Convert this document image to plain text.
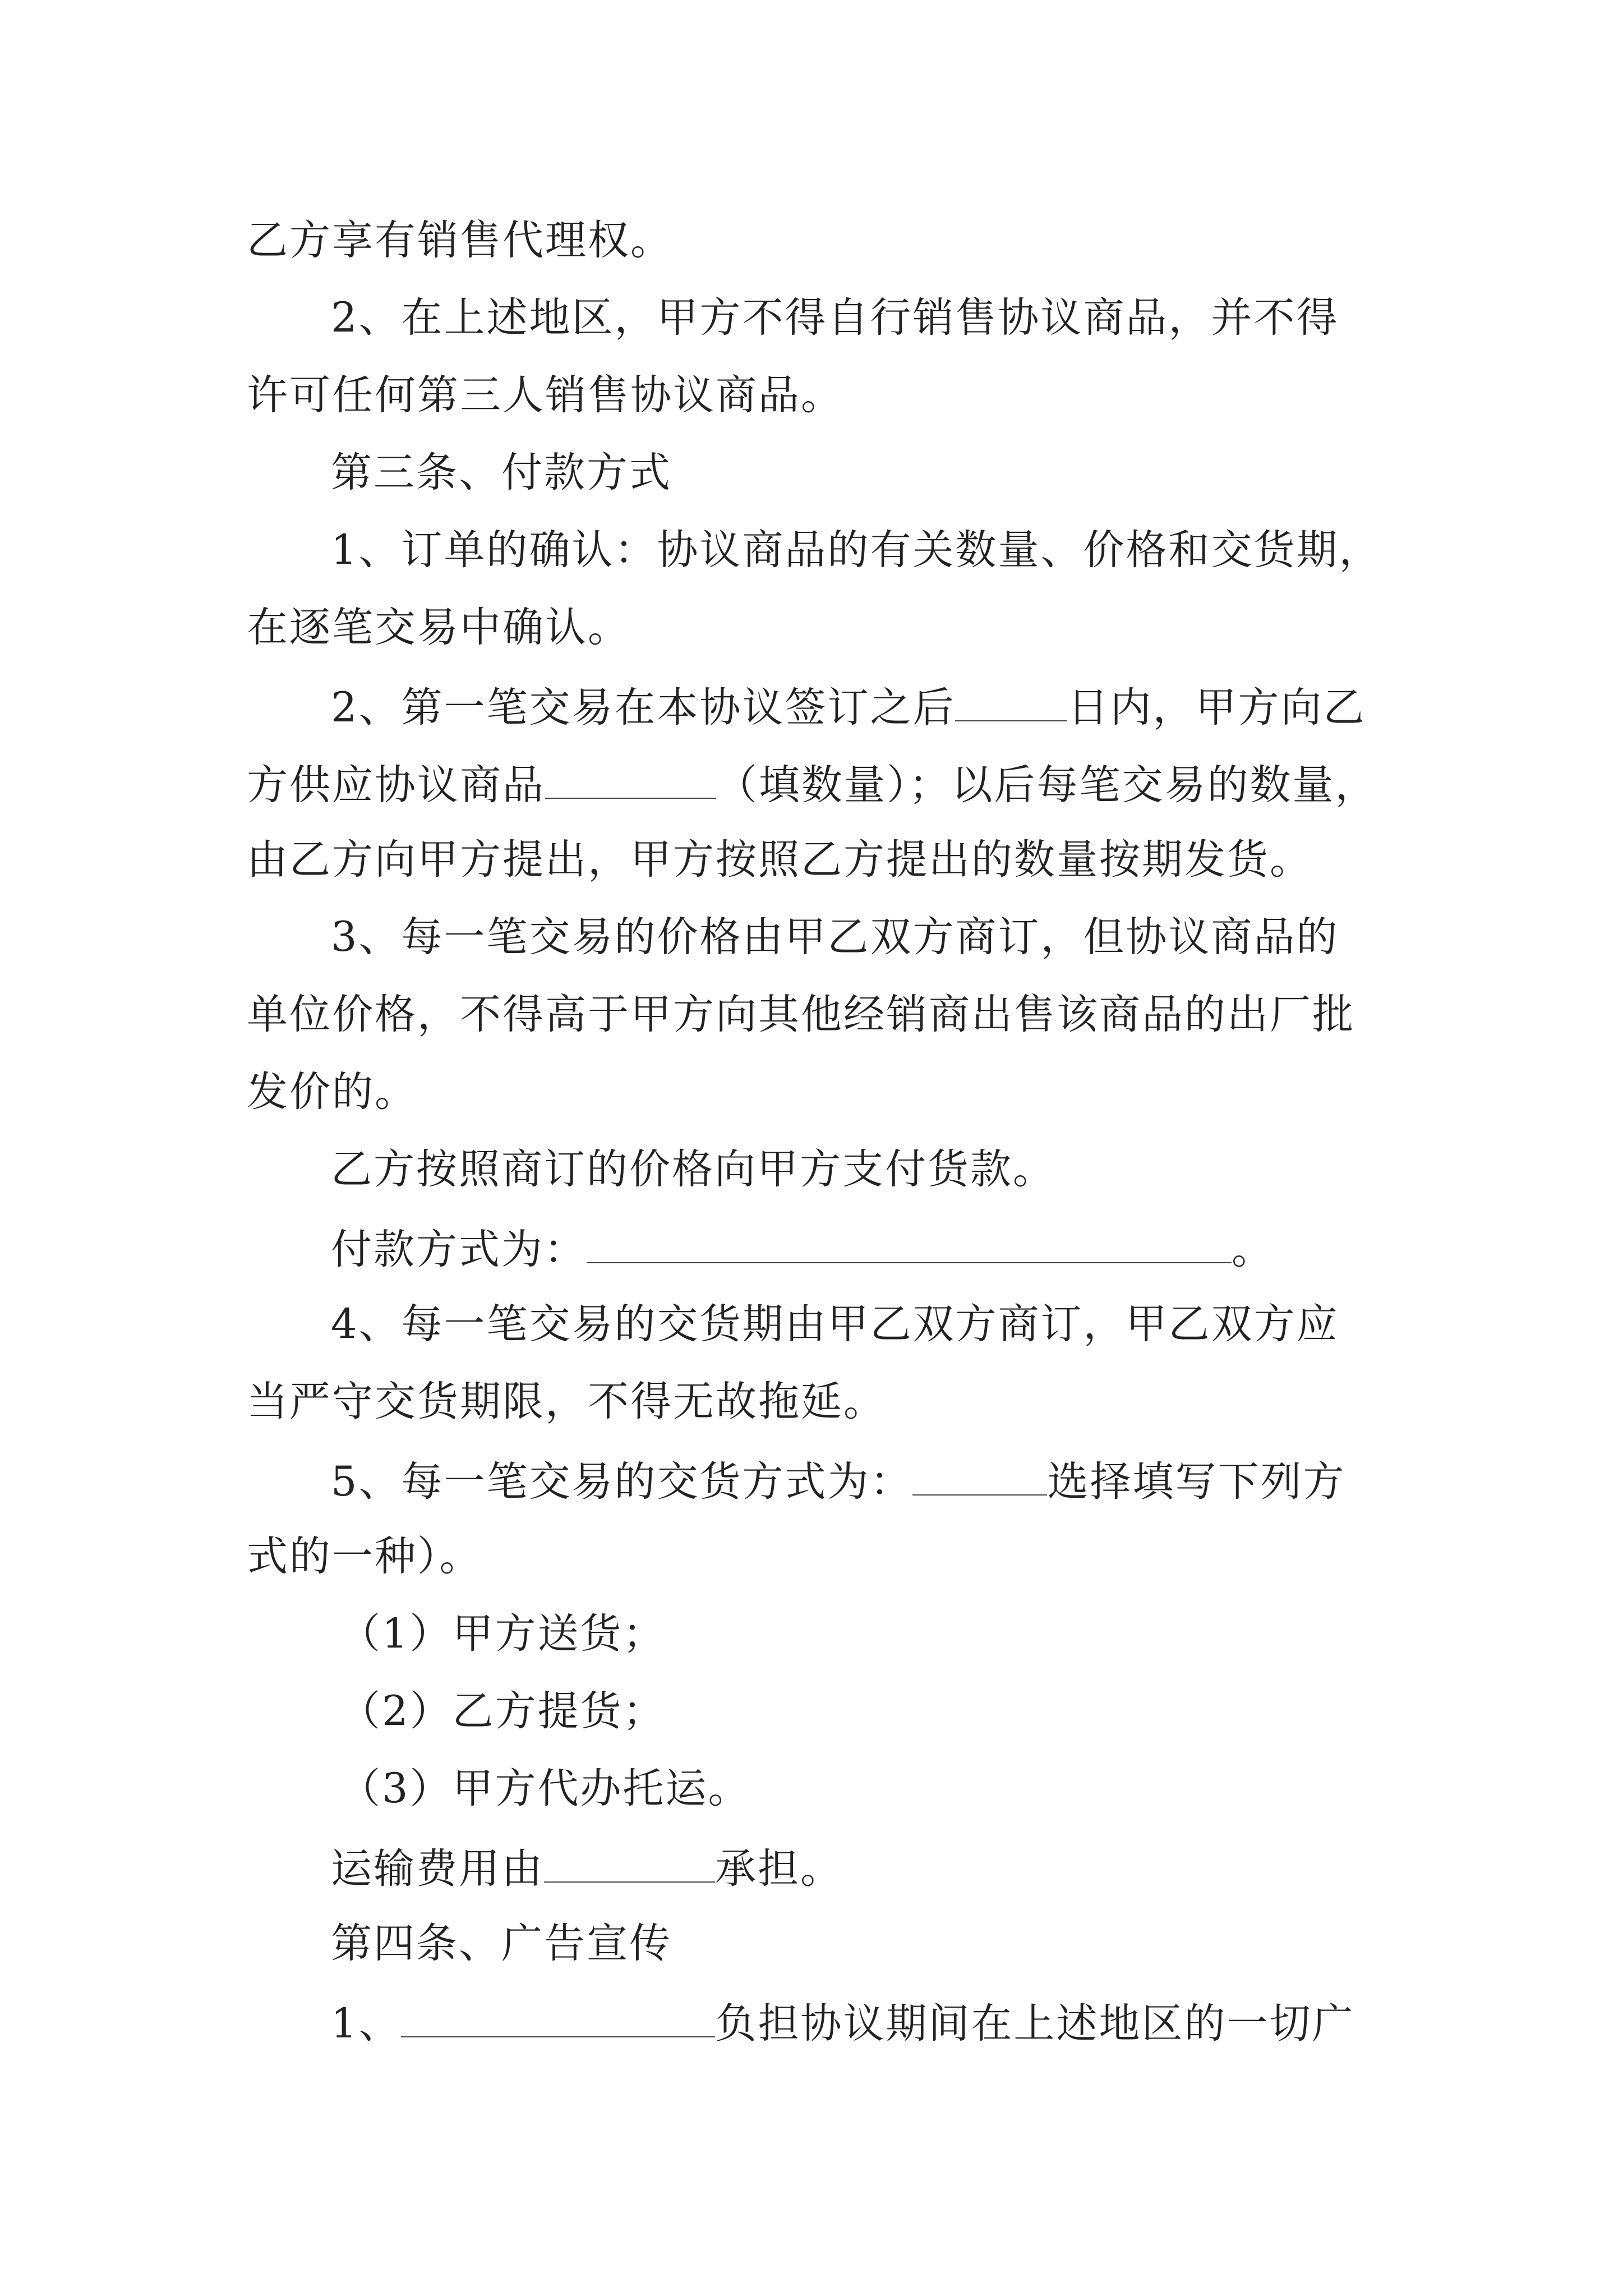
乙方享有销售代理权。
2、在上述地区，甲方不得自行销售协议商品，并不得
许可任何第三人销售协议商品。
第三条、付款方式
1、订单的确认：协议商品的有关数量、价格和交货期，
在逐笔交易中确认。
2、第一笔交易在本协议签订之后	日内，甲方向乙
方供应协议商品	（填数量）；以后每笔交易的数量，
由乙方向甲方提出，甲方按照乙方提出的数量按期发货。
3、每一笔交易的价格由甲乙双方商订，但协议商品的
单位价格，不得高于甲方向其他经销商出售该商品的出厂批
发价的。
乙方按照商订的价格向甲方支付货款。
付款方式为：	。
4、每一笔交易的交货期由甲乙双方商订，甲乙双方应
当严守交货期限，不得无故拖延。
5、每一笔交易的交货方式为：	选择填写下列方
式的一种）。
（1）甲方送货；
（2）乙方提货；
（3）甲方代办托运。
运输费用由	承担。
第四条、广告宣传
1、	负担协议期间在上述地区的一切广
